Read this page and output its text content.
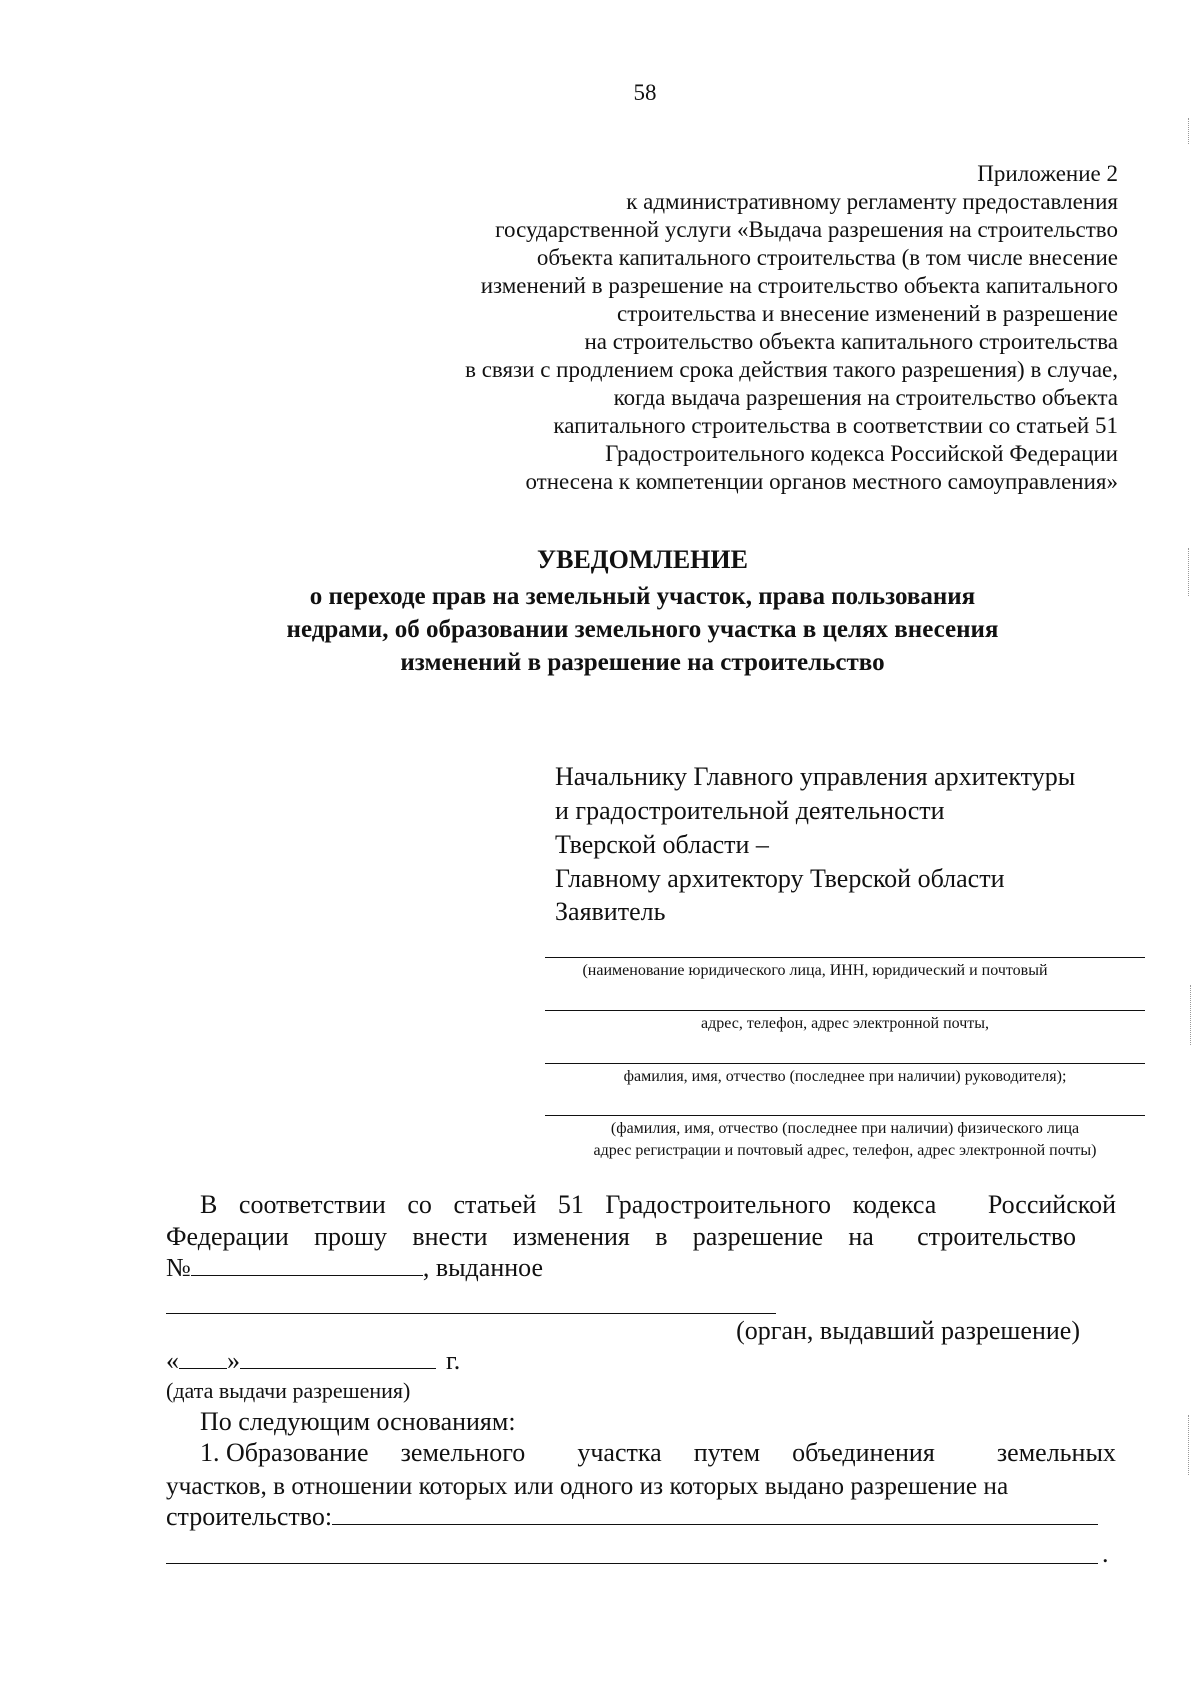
58
Приложение 2
к административному регламенту предоставления
государственной услуги «Выдача разрешения на строительство
объекта капитального строительства (в том числе внесение
изменений в разрешение на строительство объекта капитального
строительства и внесение изменений в разрешение
на строительство объекта капитального строительства
в связи с продлением срока действия такого разрешения) в случае,
когда выдача разрешения на строительство объекта
капитального строительства в соответствии со статьей 51
Градостроительного кодекса Российской Федерации
отнесена к компетенции органов местного самоуправления»
УВЕДОМЛЕНИЕ
о переходе прав на земельный участок, права пользования
недрами, об образовании земельного участка в целях внесения
изменений в разрешение на строительство
Начальнику Главного управления архитектуры
и градостроительной деятельности
Тверской области –
Главному архитектору Тверской области
Заявитель
(наименование юридического лица, ИНН, юридический и почтовый
адрес, телефон, адрес электронной почты,
фамилия, имя, отчество (последнее при наличии) руководителя);
(фамилия, имя, отчество (последнее при наличии) физического лица
адрес регистрации и почтовый адрес, телефон, адрес электронной почты)
В соответствии со статьей 51 Градостроительного кодекса Российской
Федерации прошу внести изменения в разрешение на строительство
№	, выданное
(орган, выдавший разрешение)
« »	г.
(дата выдачи разрешения)
По следующим основаниям:
1. Образование земельного участка путем объединения земельных
участков, в отношении которых или одного из которых выдано разрешение на
строительство:
.
